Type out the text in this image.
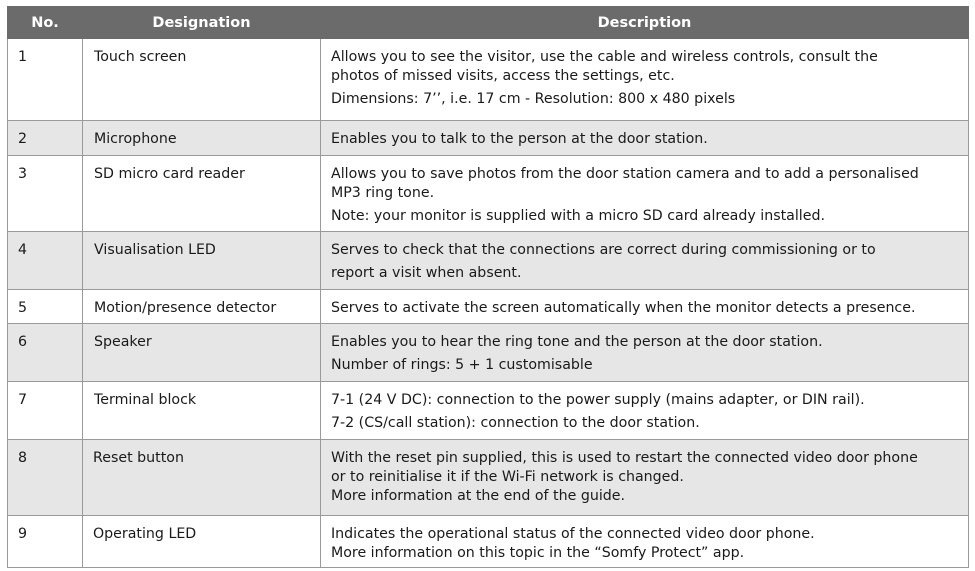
No.	Designation	Description
1	Touch screen	Allows you to see the visitor, use the cable and wireless controls, consult the
photos of missed visits, access the settings, etc.
Dimensions: 7’’, i.e. 17 cm - Resolution: 800 x 480 pixels

2	Microphone	Enables you to talk to the person at the door station.

3	SD micro card reader	Allows you to save photos from the door station camera and to add a personalised
MP3 ring tone.
Note: your monitor is supplied with a micro SD card already installed.

4	Visualisation LED	Serves to check that the connections are correct during commissioning or to
report a visit when absent.

5	Motion/presence detector	Serves to activate the screen automatically when the monitor detects a presence.

6	Speaker	Enables you to hear the ring tone and the person at the door station.
Number of rings: 5 + 1 customisable

7	Terminal block	7-1 (24 V DC): connection to the power supply (mains adapter, or DIN rail).
7-2 (CS/call station): connection to the door station.

8	Reset button	With the reset pin supplied, this is used to restart the connected video door phone
or to reinitialise it if the Wi-Fi network is changed.
More information at the end of the guide.

9	Operating LED	Indicates the operational status of the connected video door phone.
More information on this topic in the “Somfy Protect” app.
